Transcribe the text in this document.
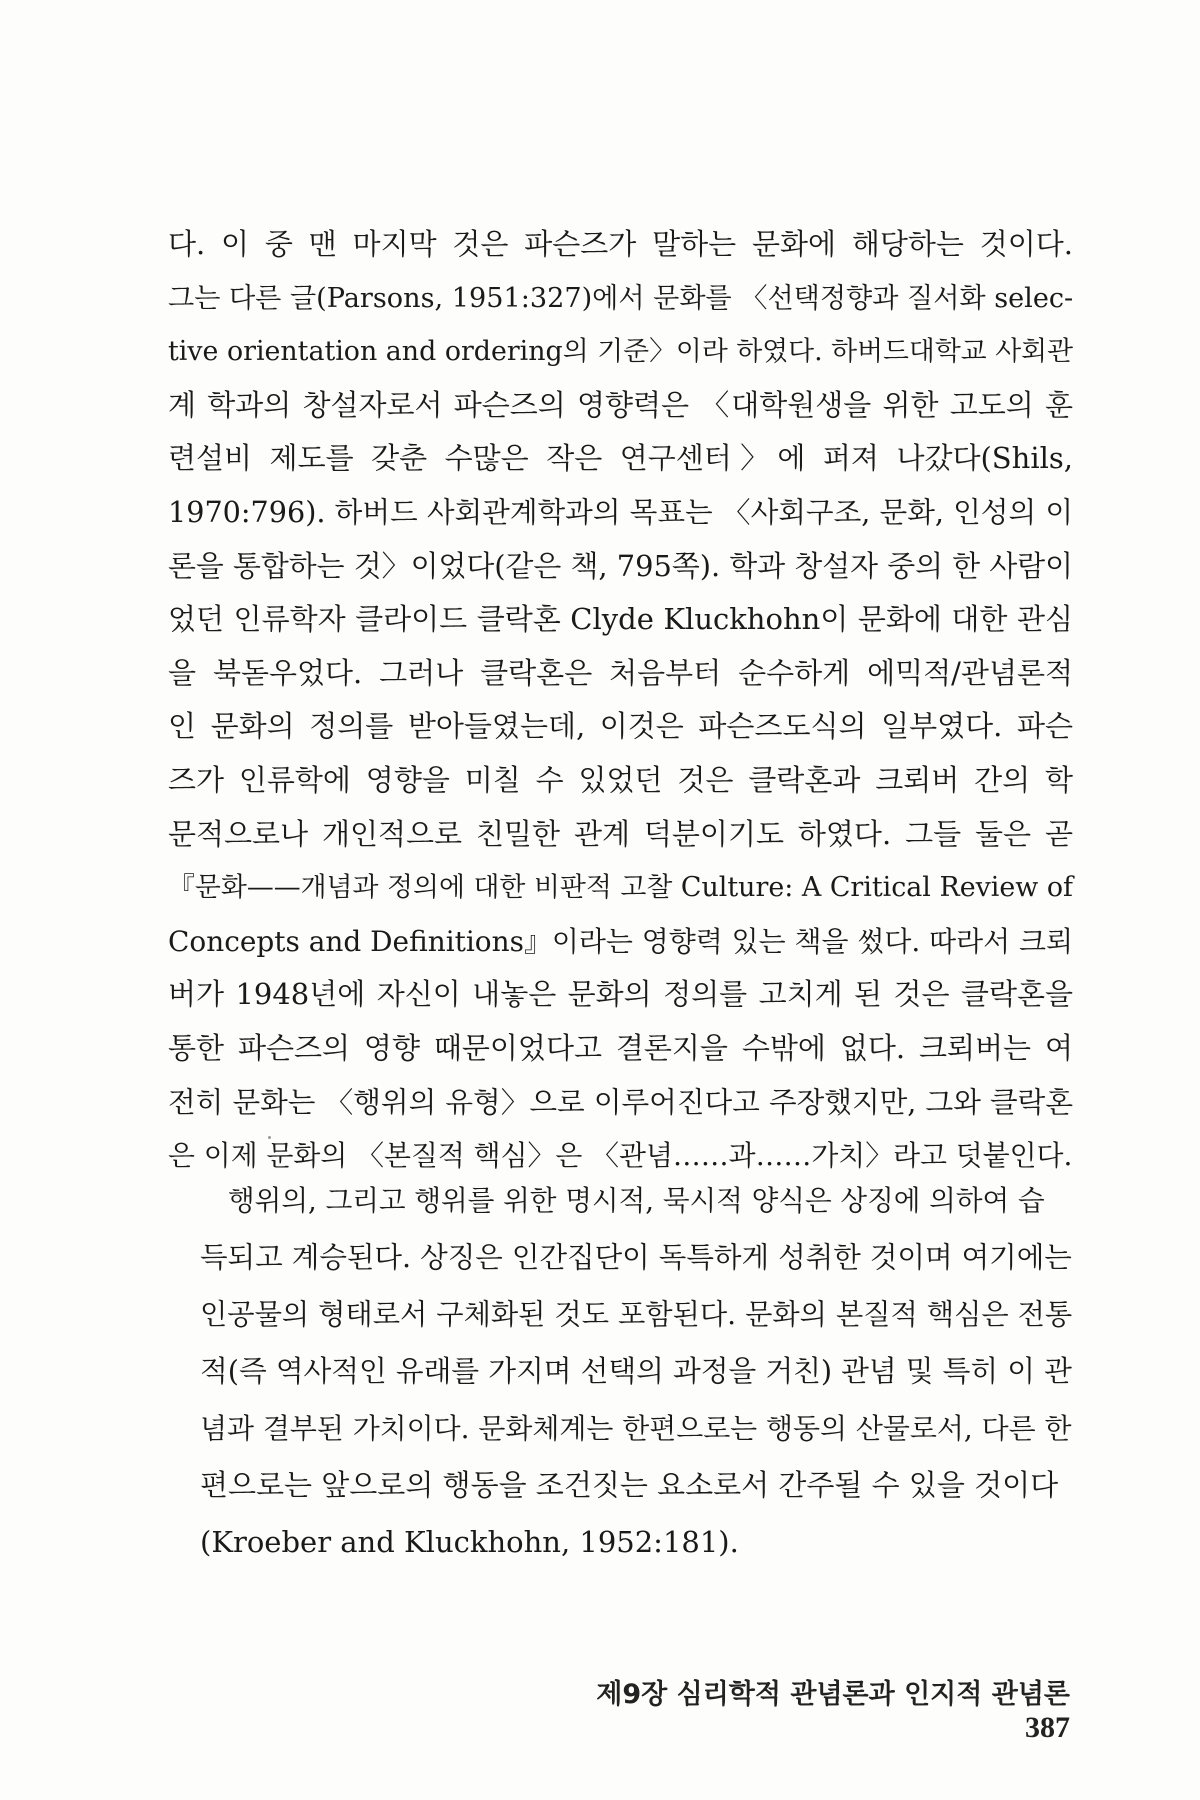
다. 이 중 맨 마지막 것은 파슨즈가 말하는 문화에 해당하는 것이다.
그는 다른 글(Parsons, 1951:327)에서 문화를 〈선택정향과 질서화 selec-
tive orientation and ordering의 기준〉이라 하였다. 하버드대학교 사회관
계 학과의 창설자로서 파슨즈의 영향력은 〈대학원생을 위한 고도의 훈
련설비 제도를 갖춘 수많은 작은 연구센터〉에 퍼져 나갔다(Shils,
1970:796). 하버드 사회관계학과의 목표는 〈사회구조, 문화, 인성의 이
론을 통합하는 것〉이었다(같은 책, 795쪽). 학과 창설자 중의 한 사람이
었던 인류학자 클라이드 클락혼 Clyde Kluckhohn이 문화에 대한 관심
을 북돋우었다. 그러나 클락혼은 처음부터 순수하게 에믹적/관념론적
인 문화의 정의를 받아들였는데, 이것은 파슨즈도식의 일부였다. 파슨
즈가 인류학에 영향을 미칠 수 있었던 것은 클락혼과 크뢰버 간의 학
문적으로나 개인적으로 친밀한 관계 덕분이기도 하였다. 그들 둘은 곧
『문화——개념과 정의에 대한 비판적 고찰 Culture: A Critical Review of
Concepts and Definitions』이라는 영향력 있는 책을 썼다. 따라서 크뢰
버가 1948년에 자신이 내놓은 문화의 정의를 고치게 된 것은 클락혼을
통한 파슨즈의 영향 때문이었다고 결론지을 수밖에 없다. 크뢰버는 여
전히 문화는 〈행위의 유형〉으로 이루어진다고 주장했지만, 그와 클락혼
은 이제 문화의 〈본질적 핵심〉은 〈관념……과……가치〉라고 덧붙인다.
행위의, 그리고 행위를 위한 명시적, 묵시적 양식은 상징에 의하여 습
득되고 계승된다. 상징은 인간집단이 독특하게 성취한 것이며 여기에는
인공물의 형태로서 구체화된 것도 포함된다. 문화의 본질적 핵심은 전통
적(즉 역사적인 유래를 가지며 선택의 과정을 거친) 관념 및 특히 이 관
념과 결부된 가치이다. 문화체계는 한편으로는 행동의 산물로서, 다른 한
편으로는 앞으로의 행동을 조건짓는 요소로서 간주될 수 있을 것이다
(Kroeber and Kluckhohn, 1952:181).
제9장 심리학적 관념론과 인지적 관념론 387
